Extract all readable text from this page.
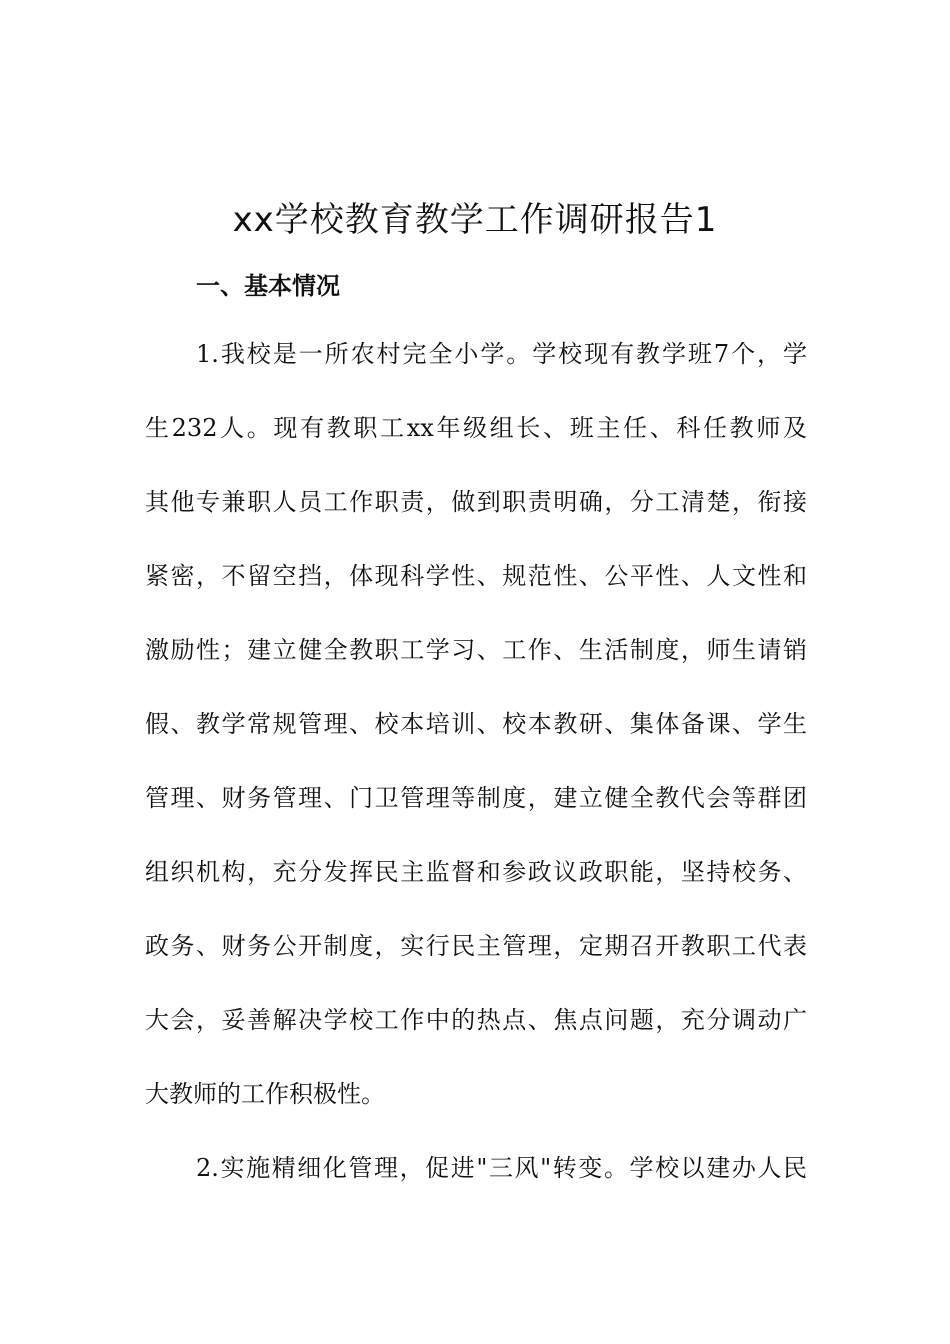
xx学校教育教学工作调研报告1
一、基本情况
1.我校是一所农村完全小学。学校现有教学班7个，学
生232人。现有教职工xx年级组长、班主任、科任教师及
其他专兼职人员工作职责，做到职责明确，分工清楚，衔接
紧密，不留空挡，体现科学性、规范性、公平性、人文性和
激励性；建立健全教职工学习、工作、生活制度，师生请销
假、教学常规管理、校本培训、校本教研、集体备课、学生
管理、财务管理、门卫管理等制度，建立健全教代会等群团
组织机构，充分发挥民主监督和参政议政职能，坚持校务、
政务、财务公开制度，实行民主管理，定期召开教职工代表
大会，妥善解决学校工作中的热点、焦点问题，充分调动广
大教师的工作积极性。
2.实施精细化管理，促进"三风"转变。学校以建办人民
